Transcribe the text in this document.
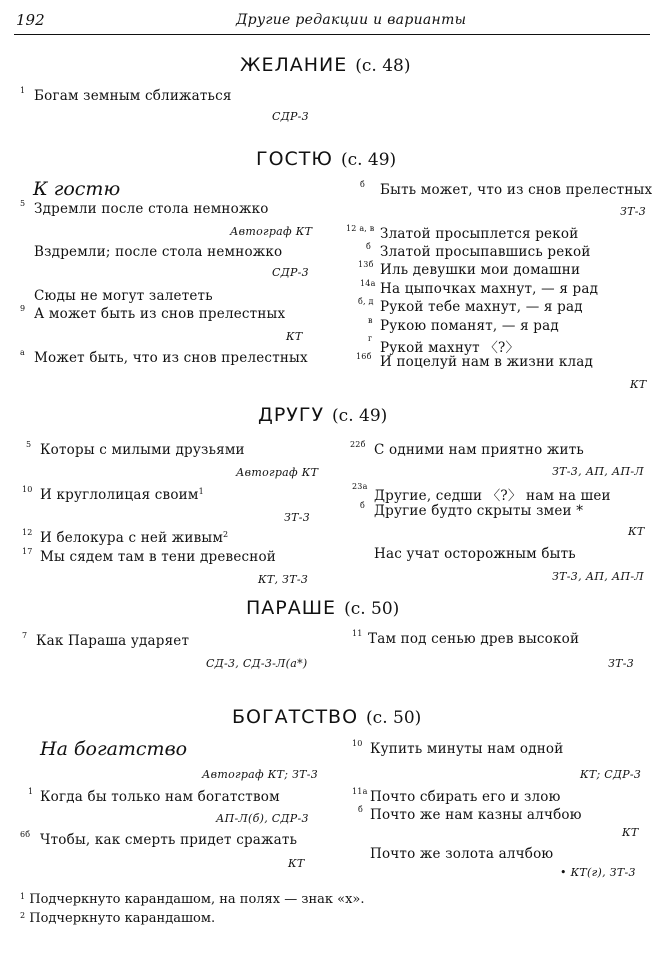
192	Другие редакции и варианты
ЖЕЛАНИЕ (с. 48)
1 Богам земным сближаться
СДР-3
ГОСТЮ (с. 49)
К гостю
5 Здремли после стола немножко
Автограф КТ
Вздремли; после стола немножко
СДР-3
Сюды не могут залететь
9 А может быть из снов прелестных
КТ
а Может быть, что из снов прелестных
б Быть может, что из снов прелестных
ЗТ-3
12 а, в Златой просыплется рекой
б Златой просыпавшись рекой
13б Иль девушки мои домашни
14а На цыпочках махнут, — я рад
б, д Рукой тебе махнут, — я рад
в Рукою поманят, — я рад
г
Рукой махнут 〈?〉
16б И поцелуй нам в жизни клад
КТ
ДРУГУ (с. 49)
5 Которы с милыми друзьями
Автограф КТ
10 И круглолицая своим$^1$
ЗТ-3
12 И белокура с ней живым$^2$
17 Мы сядем там в тени древесной
КТ, ЗТ-3
22б С одними нам приятно жить
ЗТ-3, АП, АП-Л
23а
Другие, седши 〈?〉 нам на шеи
б Другие будто скрыты змеи *
КТ
Нас учат осторожным быть
ЗТ-3, АП, АП-Л
ПАРАШЕ (с. 50)
7 Как Параша ударяет
СД-3, СД-3-Л(а*)
11 Там под сенью древ высокой
ЗТ-3
БОГАТСТВО (с. 50)
На богатство
Автограф КТ; ЗТ-3
1 Когда бы только нам богатством
АП-Л(б), СДР-3
6б Чтобы, как смерть придет сражать
КТ
10 Купить минуты нам одной
КТ; СДР-3
11а Почто сбирать его и злою
б Почто же нам казны алчбою
КТ
Почто же золота алчбою
• КТ(г), ЗТ-3
$^1$ Подчеркнуто карандашом, на полях — знак «х».
$^2$ Подчеркнуто карандашом.
